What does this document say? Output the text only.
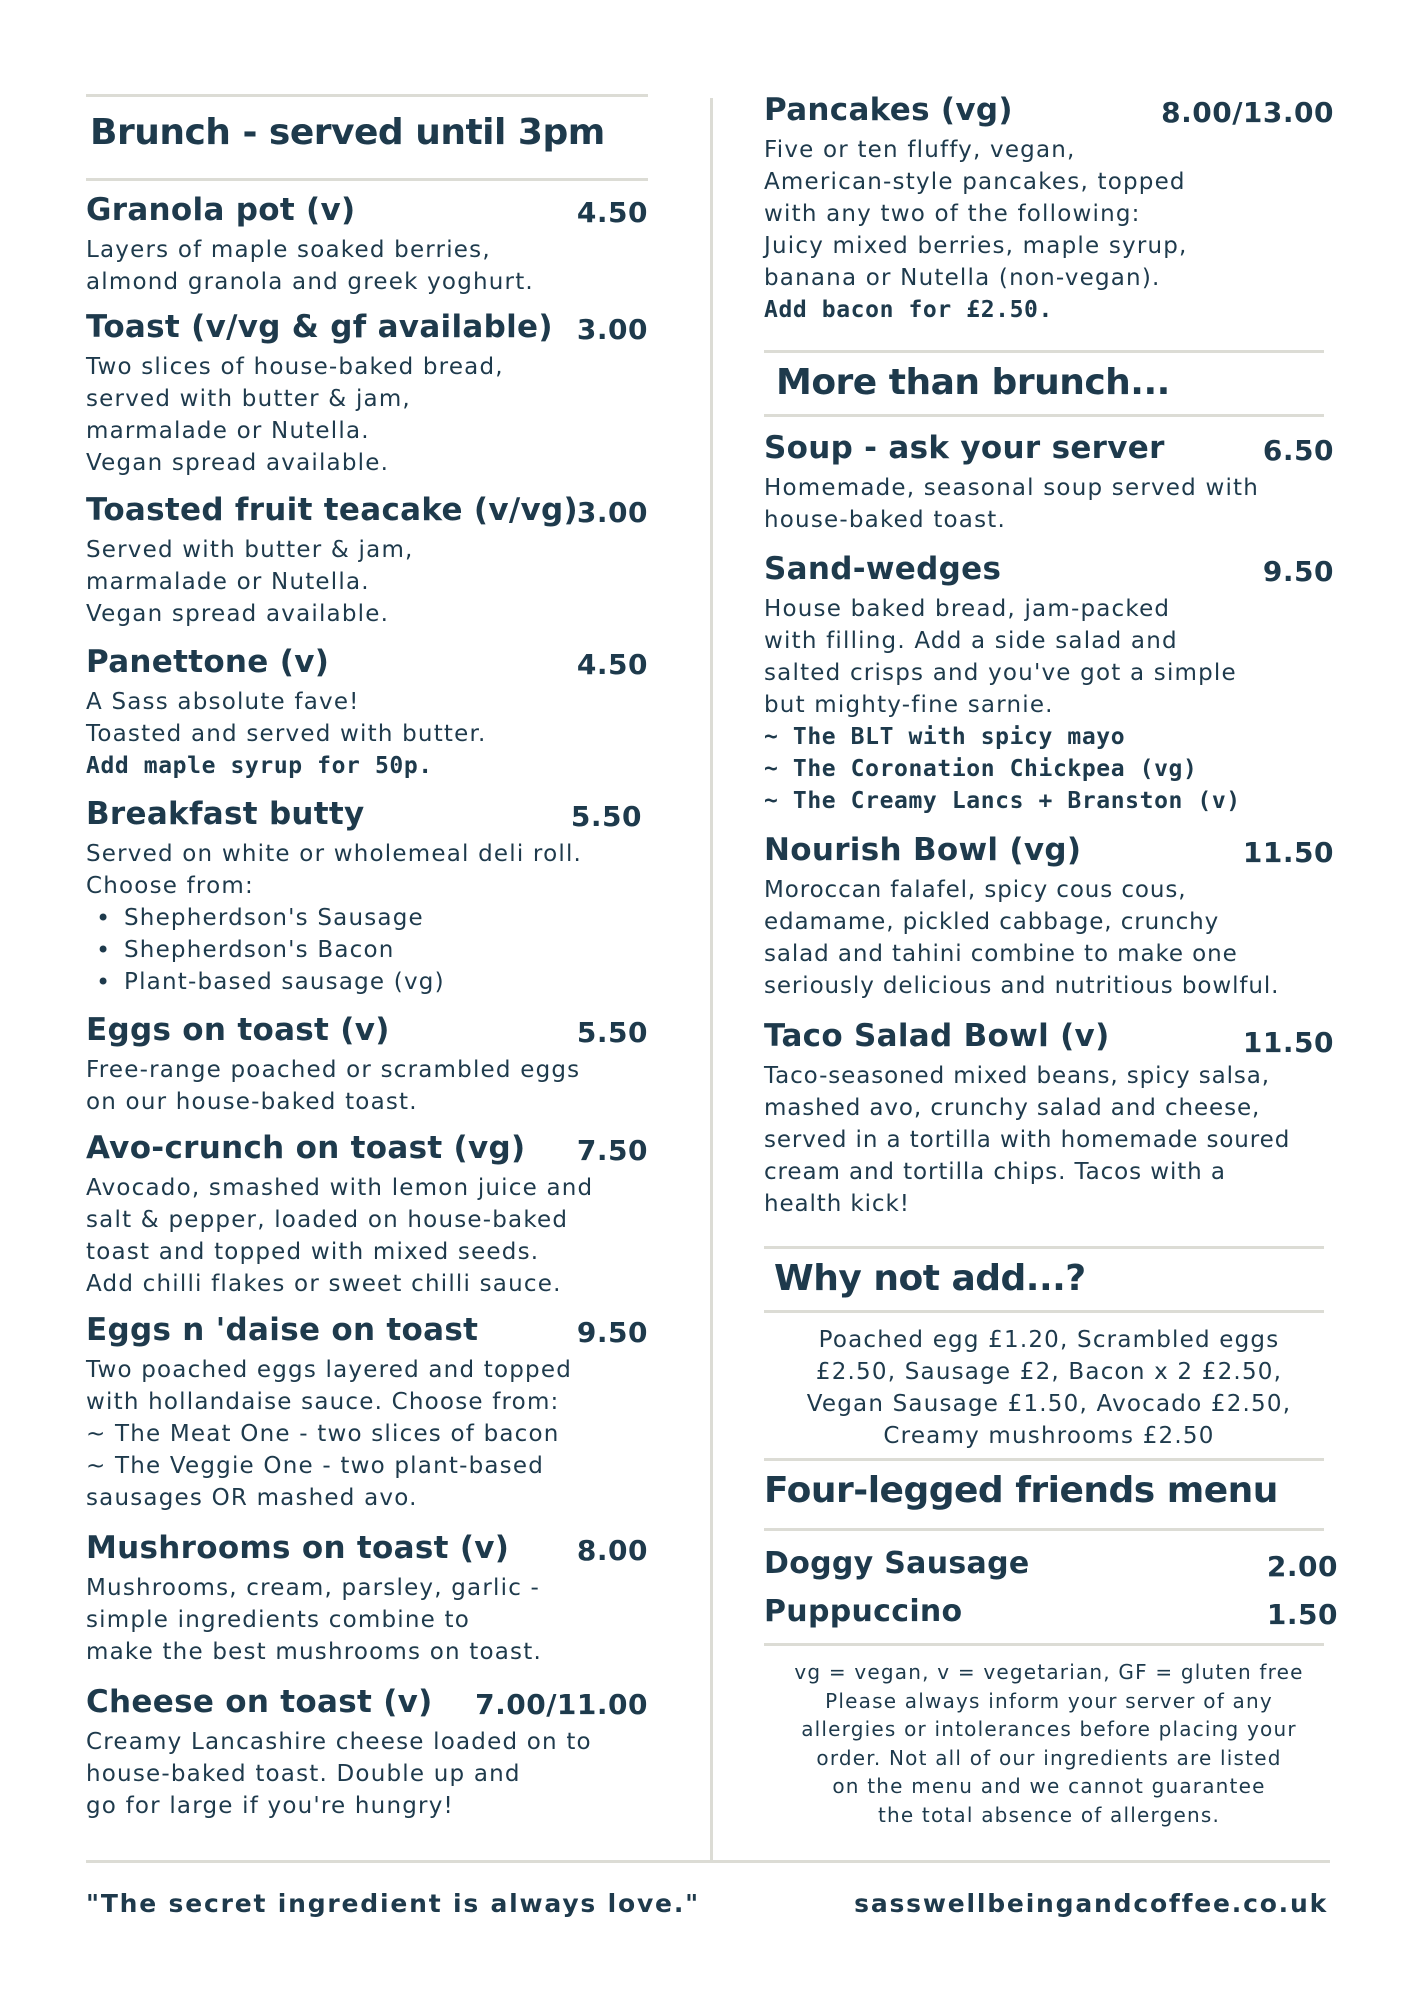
Brunch - served until 3pm
Granola pot (v)	4.50
Layers of maple soaked berries,
almond granola and greek yoghurt.
Toast (v/vg & gf available) 3.00
Two slices of house-baked bread,
served with butter & jam,
marmalade or Nutella.
Vegan spread available.
Toasted fruit teacake (v/vg)
3.00
Served with butter & jam,
marmalade or Nutella.
Vegan spread available.
Panettone (v)	4.50
A Sass absolute fave!
Toasted and served with butter.
Add maple syrup for 50p.
Breakfast butty	5.50
Served on white or wholemeal deli roll.
Choose from:
• Shepherdson's Sausage
• Shepherdson's Bacon
• Plant-based sausage (vg)
Eggs on toast (v)	5.50
Free-range poached or scrambled eggs
on our house-baked toast.
Avo-crunch on toast (vg) 7.50
Avocado, smashed with lemon juice and
salt & pepper, loaded on house-baked
toast and topped with mixed seeds.
Add chilli flakes or sweet chilli sauce.
Eggs n 'daise on toast	9.50
Two poached eggs layered and topped
with hollandaise sauce. Choose from:
~ The Meat One - two slices of bacon
~ The Veggie One - two plant-based
sausages OR mashed avo.
Mushrooms on toast (v) 8.00
Mushrooms, cream, parsley, garlic -
simple ingredients combine to
make the best mushrooms on toast.
Cheese on toast (v) 7.00/11.00
Creamy Lancashire cheese loaded on to
house-baked toast. Double up and
go for large if you're hungry!
Pancakes (vg)	8.00/13.00
Five or ten fluffy, vegan,
American-style pancakes, topped
with any two of the following:
Juicy mixed berries, maple syrup,
banana or Nutella (non-vegan).
Add bacon for £2.50.
Soup - ask your server	6.50
Homemade, seasonal soup served with
house-baked toast.
Sand-wedges	9.50
House baked bread, jam-packed
with filling. Add a side salad and
salted crisps and you've got a simple
but mighty-fine sarnie.
~ The BLT with spicy mayo
~ The Coronation Chickpea (vg)
~ The Creamy Lancs + Branston (v)
Nourish Bowl (vg)	11.50
Moroccan falafel, spicy cous cous,
edamame, pickled cabbage, crunchy
salad and tahini combine to make one
seriously delicious and nutritious bowlful.
Taco Salad Bowl (v)	11.50
Taco-seasoned mixed beans, spicy salsa,
mashed avo, crunchy salad and cheese,
served in a tortilla with homemade soured
cream and tortilla chips. Tacos with a
health kick!
Doggy Sausage	2.00
Puppuccino	1.50
More than brunch...
Why not add...?
Poached egg £1.20, Scrambled eggs
£2.50, Sausage £2, Bacon x 2 £2.50,
Vegan Sausage £1.50, Avocado £2.50,
Creamy mushrooms £2.50
Four-legged friends menu
vg = vegan, v = vegetarian, GF = gluten free
Please always inform your server of any
allergies or intolerances before placing your
order. Not all of our ingredients are listed
on the menu and we cannot guarantee
the total absence of allergens.
"The secret ingredient is always love."	sasswellbeingandcoffee.co.uk
